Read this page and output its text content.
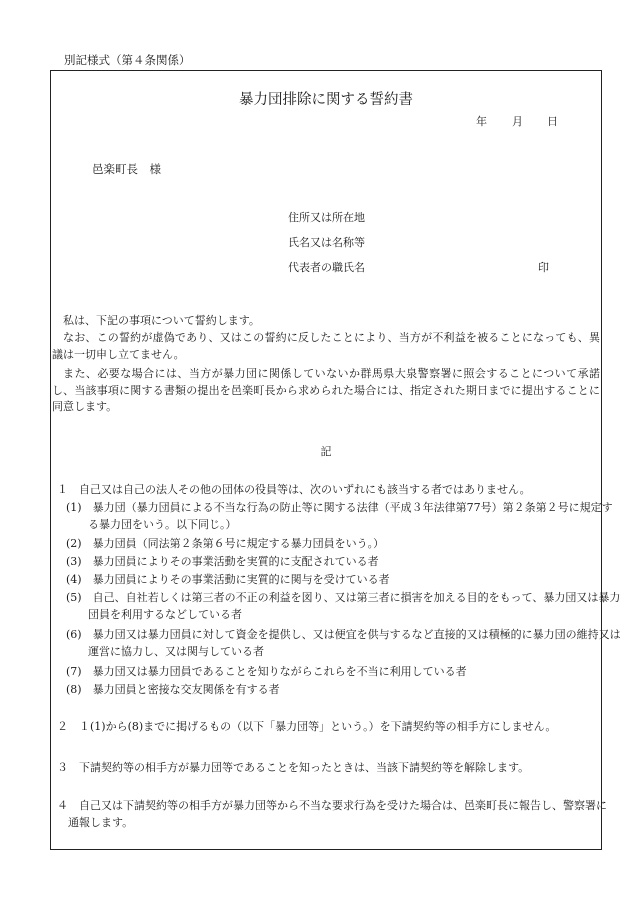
別記様式（第４条関係）
暴力団排除に関する誓約書
年 月 日
邑楽町長　様
住所又は所在地
氏名又は名称等
代表者の職氏名	印
私は、下記の事項について誓約します。
なお、この誓約が虚偽であり、又はこの誓約に反したことにより、当方が不利益を被ることになっても、異議は一切申し立てません。
また、必要な場合には、当方が暴力団に関係していないか群馬県大泉警察署に照会することについて承諾し、当該事項に関する書類の提出を邑楽町長から求められた場合には、指定された期日までに提出することに同意します。
記
１　自己又は自己の法人その他の団体の役員等は、次のいずれにも該当する者ではありません。
(1)　暴力団（暴力団員による不当な行為の防止等に関する法律（平成３年法律第77号）第２条第２号に規定する暴力団をいう。以下同じ。）
(2)　暴力団員（同法第２条第６号に規定する暴力団員をいう。）
(3)　暴力団員によりその事業活動を実質的に支配されている者
(4)　暴力団員によりその事業活動に実質的に関与を受けている者
(5)　自己、自社若しくは第三者の不正の利益を図り、又は第三者に損害を加える目的をもって、暴力団又は暴力団員を利用するなどしている者
(6)　暴力団又は暴力団員に対して資金を提供し、又は便宜を供与するなど直接的又は積極的に暴力団の維持又は運営に協力し、又は関与している者
(7)　暴力団又は暴力団員であることを知りながらこれらを不当に利用している者
(8)　暴力団員と密接な交友関係を有する者
２　１(1)から(8)までに掲げるもの（以下「暴力団等」という。）を下請契約等の相手方にしません。
３　下請契約等の相手方が暴力団等であることを知ったときは、当該下請契約等を解除します。
４　自己又は下請契約等の相手方が暴力団等から不当な要求行為を受けた場合は、邑楽町長に報告し、警察署に通報します。
